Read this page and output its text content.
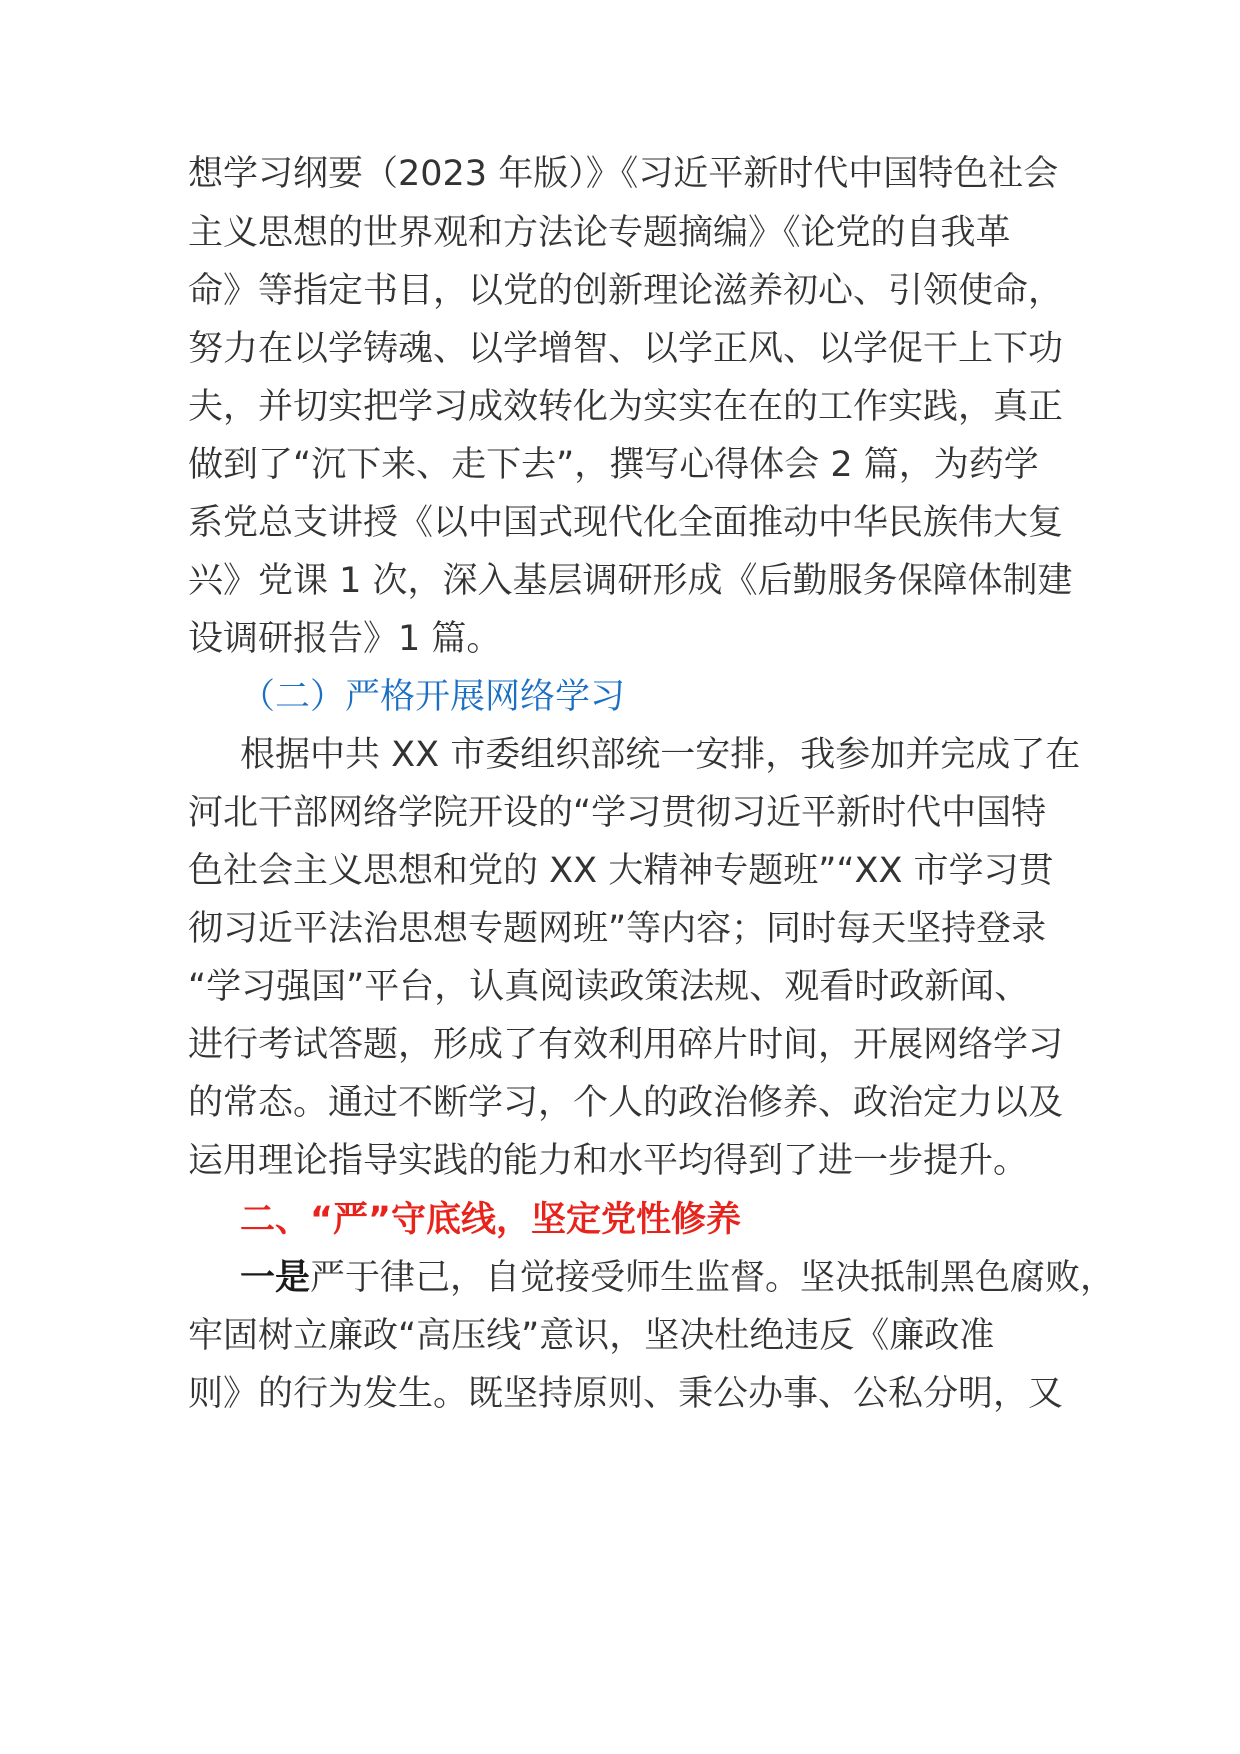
想学习纲要（2023 年版）》《习近平新时代中国特色社会
主义思想的世界观和方法论专题摘编》《论党的自我革
命》等指定书目，以党的创新理论滋养初心、引领使命，
努力在以学铸魂、以学增智、以学正风、以学促干上下功
夫，并切实把学习成效转化为实实在在的工作实践，真正
做到了“沉下来、走下去”，撰写心得体会 2 篇，为药学
系党总支讲授《以中国式现代化全面推动中华民族伟大复
兴》党课 1 次，深入基层调研形成《后勤服务保障体制建
设调研报告》1 篇。
（二）严格开展网络学习
根据中共 XX 市委组织部统一安排，我参加并完成了在
河北干部网络学院开设的“学习贯彻习近平新时代中国特
色社会主义思想和党的 XX 大精神专题班”“XX 市学习贯
彻习近平法治思想专题网班”等内容；同时每天坚持登录
“学习强国”平台，认真阅读政策法规、观看时政新闻、
进行考试答题，形成了有效利用碎片时间，开展网络学习
的常态。通过不断学习，个人的政治修养、政治定力以及
运用理论指导实践的能力和水平均得到了进一步提升。
二、“严”守底线，坚定党性修养
一是严于律己，自觉接受师生监督。坚决抵制黑色腐败，
牢固树立廉政“高压线”意识，坚决杜绝违反《廉政准
则》的行为发生。既坚持原则、秉公办事、公私分明，又
